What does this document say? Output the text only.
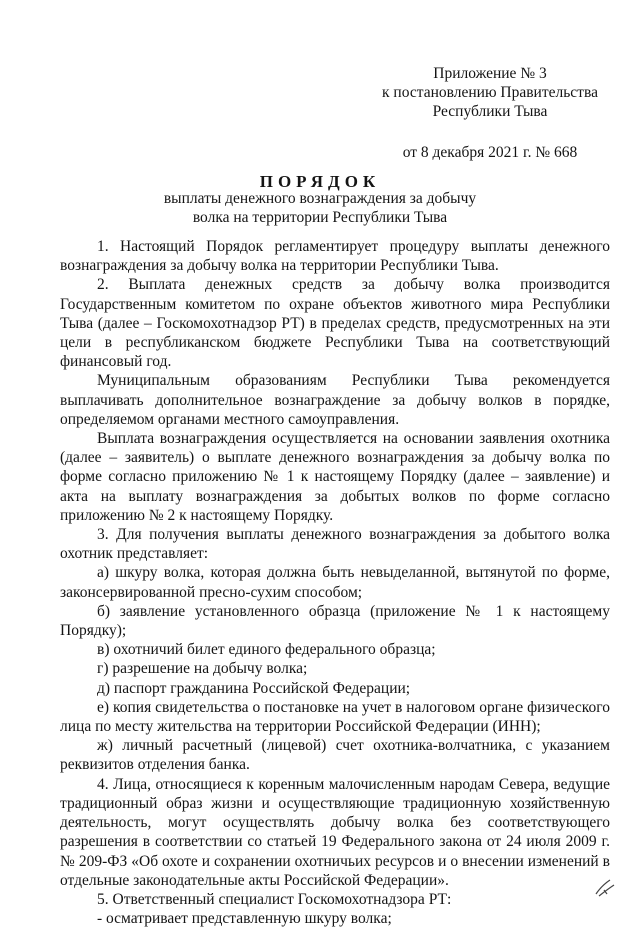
Приложение № 3
к постановлению Правительства
Республики Тыва
от 8 декабря 2021 г. № 668
ПОРЯДОК
выплаты денежного вознаграждения за добычу
волка на территории Республики Тыва

1. Настоящий Порядок регламентирует процедуру выплаты денежного вознаграждения за добычу волка на территории Республики Тыва.

2. Выплата денежных средств за добычу волка производится Государственным комитетом по охране объектов животного мира Республики Тыва (далее – Госкомохотнадзор РТ) в пределах средств, предусмотренных на эти цели в республиканском бюджете Республики Тыва на соответствующий финансовый год.

Муниципальным образованиям Республики Тыва рекомендуется выплачивать дополнительное вознаграждение за добычу волков в порядке, определяемом органами местного самоуправления.

Выплата вознаграждения осуществляется на основании заявления охотника (далее – заявитель) о выплате денежного вознаграждения за добычу волка по форме согласно приложению № 1 к настоящему Порядку (далее – заявление) и акта на выплату вознаграждения за добытых волков по форме согласно приложению № 2 к настоящему Порядку.

3. Для получения выплаты денежного вознаграждения за добытого волка охотник представляет:

а) шкуру волка, которая должна быть невыделанной, вытянутой по форме, законсервированной пресно-сухим способом;

б) заявление установленного образца (приложение № 1 к настоящему Порядку);

в) охотничий билет единого федерального образца;

г) разрешение на добычу волка;

д) паспорт гражданина Российской Федерации;

е) копия свидетельства о постановке на учет в налоговом органе физического лица по месту жительства на территории Российской Федерации (ИНН);

ж) личный расчетный (лицевой) счет охотника-волчатника, с указанием реквизитов отделения банка.

4. Лица, относящиеся к коренным малочисленным народам Севера, ведущие традиционный образ жизни и осуществляющие традиционную хозяйственную деятельность, могут осуществлять добычу волка без соответствующего разрешения в соответствии со статьей 19 Федерального закона от 24 июля 2009 г. № 209-ФЗ «Об охоте и сохранении охотничьих ресурсов и о внесении изменений в отдельные законодательные акты Российской Федерации».

5. Ответственный специалист Госкомохотнадзора РТ:

- осматривает представленную шкуру волка;
